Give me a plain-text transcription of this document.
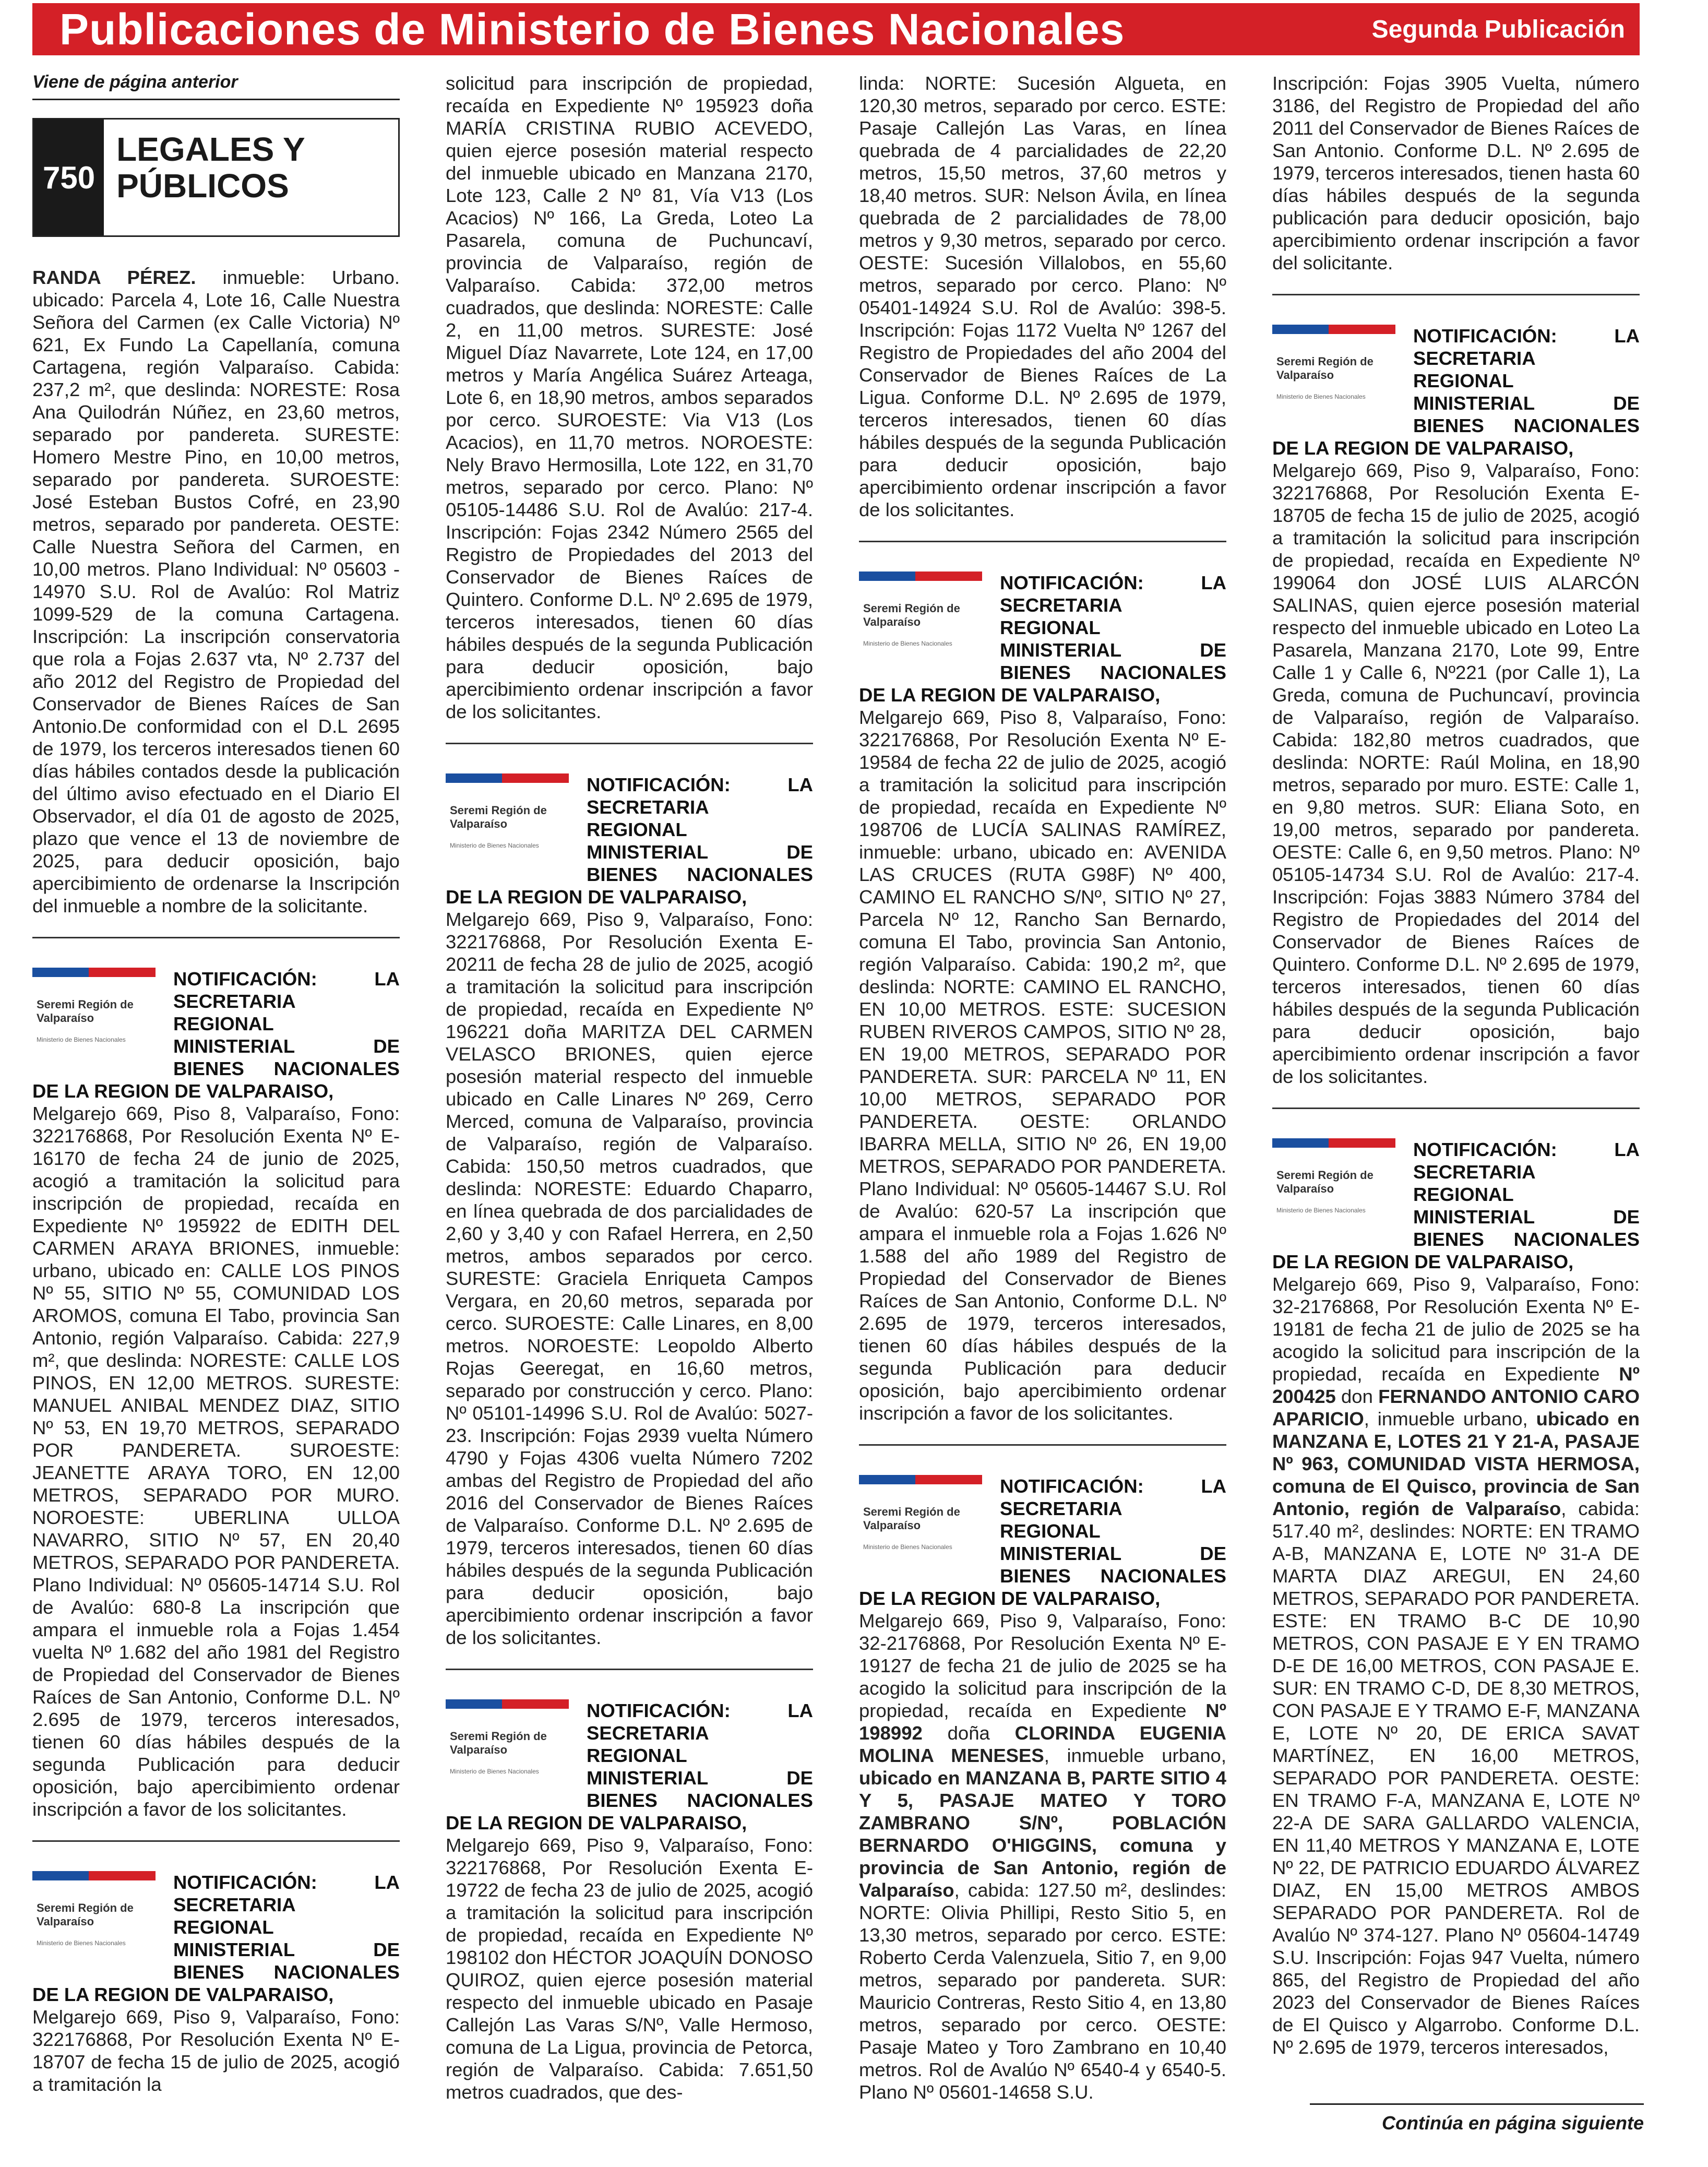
Publicaciones de Ministerio de Bienes Nacionales	Segunda Publicación
Viene de página anterior
750
LEGALES Y PÚBLICOS

RANDA PÉREZ. inmueble: Urbano. ubicado: Parcela 4, Lote 16, Calle Nuestra Señora del Carmen (ex Calle Victoria) Nº 621, Ex Fundo La Capellanía, comuna Cartagena, región Valparaíso. Cabida: 237,2 m², que deslinda: NORESTE: Rosa Ana Quilodrán Núñez, en 23,60 metros, separado por pandereta. SURESTE: Homero Mestre Pino, en 10,00 metros, separado por pandereta. SUROESTE: José Esteban Bustos Cofré, en 23,90 metros, separado por pandereta. OESTE: Calle Nuestra Señora del Carmen, en 10,00 metros. Plano Individual: Nº 05603 - 14970 S.U. Rol de Avalúo: Rol Matriz 1099-529 de la comuna Cartagena. Inscripción: La inscripción conservatoria que rola a Fojas 2.637 vta, Nº 2.737 del año 2012 del Registro de Propiedad del Conservador de Bienes Raíces de San Antonio.De conformidad con el D.L 2695 de 1979, los terceros interesados tienen 60 días hábiles contados desde la publicación del último aviso efectuado en el Diario El Observador, el día 01 de agosto de 2025, plazo que vence el 13 de noviembre de 2025, para deducir oposición, bajo apercibimiento de ordenarse la Inscripción del inmueble a nombre de la solicitante.

Seremi Región de Valparaíso
Ministerio de Bienes Nacionales
NOTIFICACIÓN: LA SECRETARIA REGIONAL MINISTERIAL DE BIENES NACIONALES DE LA REGION DE VALPARAISO,

Melgarejo 669, Piso 8, Valparaíso, Fono: 322176868, Por Resolución Exenta Nº E-16170 de fecha 24 de junio de 2025, acogió a tramitación la solicitud para inscripción de propiedad, recaída en Expediente Nº 195922 de EDITH DEL CARMEN ARAYA BRIONES, inmueble: urbano, ubicado en: CALLE LOS PINOS Nº 55, SITIO Nº 55, COMUNIDAD LOS AROMOS, comuna El Tabo, provincia San Antonio, región Valparaíso. Cabida: 227,9 m², que deslinda: NORESTE: CALLE LOS PINOS, EN 12,00 METROS. SURESTE: MANUEL ANIBAL MENDEZ DIAZ, SITIO Nº 53, EN 19,70 METROS, SEPARADO POR PANDERETA. SUROESTE: JEANETTE ARAYA TORO, EN 12,00 METROS, SEPARADO POR MURO. NOROESTE: UBERLINA ULLOA NAVARRO, SITIO Nº 57, EN 20,40 METROS, SEPARADO POR PANDERETA. Plano Individual: Nº 05605-14714 S.U. Rol de Avalúo: 680-8 La inscripción que ampara el inmueble rola a Fojas 1.454 vuelta Nº 1.682 del año 1981 del Registro de Propiedad del Conservador de Bienes Raíces de San Antonio, Conforme D.L. Nº 2.695 de 1979, terceros interesados, tienen 60 días hábiles después de la segunda Publicación para deducir oposición, bajo apercibimiento ordenar inscripción a favor de los solicitantes.

Seremi Región de Valparaíso
Ministerio de Bienes Nacionales
NOTIFICACIÓN: LA SECRETARIA REGIONAL MINISTERIAL DE BIENES NACIONALES DE LA REGION DE VALPARAISO,

Melgarejo 669, Piso 9, Valparaíso, Fono: 322176868, Por Resolución Exenta Nº E-18707 de fecha 15 de julio de 2025, acogió a tramitación la

solicitud para inscripción de propiedad, recaída en Expediente Nº 195923 doña MARÍA CRISTINA RUBIO ACEVEDO, quien ejerce posesión material respecto del inmueble ubicado en Manzana 2170, Lote 123, Calle 2 Nº 81, Vía V13 (Los Acacios) Nº 166, La Greda, Loteo La Pasarela, comuna de Puchuncaví, provincia de Valparaíso, región de Valparaíso. Cabida: 372,00 metros cuadrados, que deslinda: NORESTE: Calle 2, en 11,00 metros. SURESTE: José Miguel Díaz Navarrete, Lote 124, en 17,00 metros y María Angélica Suárez Arteaga, Lote 6, en 18,90 metros, ambos separados por cerco. SUROESTE: Via V13 (Los Acacios), en 11,70 metros. NOROESTE: Nely Bravo Hermosilla, Lote 122, en 31,70 metros, separado por cerco. Plano: Nº 05105-14486 S.U. Rol de Avalúo: 217-4. Inscripción: Fojas 2342 Número 2565 del Registro de Propiedades del 2013 del Conservador de Bienes Raíces de Quintero. Conforme D.L. Nº 2.695 de 1979, terceros interesados, tienen 60 días hábiles después de la segunda Publicación para deducir oposición, bajo apercibimiento ordenar inscripción a favor de los solicitantes.

Seremi Región de Valparaíso
Ministerio de Bienes Nacionales
NOTIFICACIÓN: LA SECRETARIA REGIONAL MINISTERIAL DE BIENES NACIONALES DE LA REGION DE VALPARAISO,

Melgarejo 669, Piso 9, Valparaíso, Fono: 322176868, Por Resolución Exenta E-20211 de fecha 28 de julio de 2025, acogió a tramitación la solicitud para inscripción de propiedad, recaída en Expediente Nº 196221 doña MARITZA DEL CARMEN VELASCO BRIONES, quien ejerce posesión material respecto del inmueble ubicado en Calle Linares Nº 269, Cerro Merced, comuna de Valparaíso, provincia de Valparaíso, región de Valparaíso. Cabida: 150,50 metros cuadrados, que deslinda: NORESTE: Eduardo Chaparro, en línea quebrada de dos parcialidades de 2,60 y 3,40 y con Rafael Herrera, en 2,50 metros, ambos separados por cerco. SURESTE: Graciela Enriqueta Campos Vergara, en 20,60 metros, separada por cerco. SUROESTE: Calle Linares, en 8,00 metros. NOROESTE: Leopoldo Alberto Rojas Geeregat, en 16,60 metros, separado por construcción y cerco. Plano: Nº 05101-14996 S.U. Rol de Avalúo: 5027-23. Inscripción: Fojas 2939 vuelta Número 4790 y Fojas 4306 vuelta Número 7202 ambas del Registro de Propiedad del año 2016 del Conservador de Bienes Raíces de Valparaíso. Conforme D.L. Nº 2.695 de 1979, terceros interesados, tienen 60 días hábiles después de la segunda Publicación para deducir oposición, bajo apercibimiento ordenar inscripción a favor de los solicitantes.

Seremi Región de Valparaíso
Ministerio de Bienes Nacionales
NOTIFICACIÓN: LA SECRETARIA REGIONAL MINISTERIAL DE BIENES NACIONALES DE LA REGION DE VALPARAISO,

Melgarejo 669, Piso 9, Valparaíso, Fono: 322176868, Por Resolución Exenta E-19722 de fecha 23 de julio de 2025, acogió a tramitación la solicitud para inscripción de propiedad, recaída en Expediente Nº 198102 don HÉCTOR JOAQUÍN DONOSO QUIROZ, quien ejerce posesión material respecto del inmueble ubicado en Pasaje Callejón Las Varas S/Nº, Valle Hermoso, comuna de La Ligua, provincia de Petorca, región de Valparaíso. Cabida: 7.651,50 metros cuadrados, que des-

linda: NORTE: Sucesión Algueta, en 120,30 metros, separado por cerco. ESTE: Pasaje Callejón Las Varas, en línea quebrada de 4 parcialidades de 22,20 metros, 15,50 metros, 37,60 metros y 18,40 metros. SUR: Nelson Ávila, en línea quebrada de 2 parcialidades de 78,00 metros y 9,30 metros, separado por cerco. OESTE: Sucesión Villalobos, en 55,60 metros, separado por cerco. Plano: Nº 05401-14924 S.U. Rol de Avalúo: 398-5. Inscripción: Fojas 1172 Vuelta Nº 1267 del Registro de Propiedades del año 2004 del Conservador de Bienes Raíces de La Ligua. Conforme D.L. Nº 2.695 de 1979, terceros interesados, tienen 60 días hábiles después de la segunda Publicación para deducir oposición, bajo apercibimiento ordenar inscripción a favor de los solicitantes.

Seremi Región de Valparaíso
Ministerio de Bienes Nacionales
NOTIFICACIÓN: LA SECRETARIA REGIONAL MINISTERIAL DE BIENES NACIONALES DE LA REGION DE VALPARAISO,

Melgarejo 669, Piso 8, Valparaíso, Fono: 322176868, Por Resolución Exenta Nº E-19584 de fecha 22 de julio de 2025, acogió a tramitación la solicitud para inscripción de propiedad, recaída en Expediente Nº 198706 de LUCÍA SALINAS RAMÍREZ, inmueble: urbano, ubicado en: AVENIDA LAS CRUCES (RUTA G98F) Nº 400, CAMINO EL RANCHO S/Nº, SITIO Nº 27, Parcela Nº 12, Rancho San Bernardo, comuna El Tabo, provincia San Antonio, región Valparaíso. Cabida: 190,2 m², que deslinda: NORTE: CAMINO EL RANCHO, EN 10,00 METROS. ESTE: SUCESION RUBEN RIVEROS CAMPOS, SITIO Nº 28, EN 19,00 METROS, SEPARADO POR PANDERETA. SUR: PARCELA Nº 11, EN 10,00 METROS, SEPARADO POR PANDERETA. OESTE: ORLANDO IBARRA MELLA, SITIO Nº 26, EN 19,00 METROS, SEPARADO POR PANDERETA. Plano Individual: Nº 05605-14467 S.U. Rol de Avalúo: 620-57 La inscripción que ampara el inmueble rola a Fojas 1.626 Nº 1.588 del año 1989 del Registro de Propiedad del Conservador de Bienes Raíces de San Antonio, Conforme D.L. Nº 2.695 de 1979, terceros interesados, tienen 60 días hábiles después de la segunda Publicación para deducir oposición, bajo apercibimiento ordenar inscripción a favor de los solicitantes.

Seremi Región de Valparaíso
Ministerio de Bienes Nacionales
NOTIFICACIÓN: LA SECRETARIA REGIONAL MINISTERIAL DE BIENES NACIONALES DE LA REGION DE VALPARAISO,

Melgarejo 669, Piso 9, Valparaíso, Fono: 32-2176868, Por Resolución Exenta Nº E-19127 de fecha 21 de julio de 2025 se ha acogido la solicitud para inscripción de la propiedad, recaída en Expediente Nº 198992 doña CLORINDA EUGENIA MOLINA MENESES, inmueble urbano, ubicado en MANZANA B, PARTE SITIO 4 Y 5, PASAJE MATEO Y TORO ZAMBRANO S/Nº, POBLACIÓN BERNARDO O'HIGGINS, comuna y provincia de San Antonio, región de Valparaíso, cabida: 127.50 m², deslindes: NORTE: Olivia Phillipi, Resto Sitio 5, en 13,30 metros, separado por cerco. ESTE: Roberto Cerda Valenzuela, Sitio 7, en 9,00 metros, separado por pandereta. SUR: Mauricio Contreras, Resto Sitio 4, en 13,80 metros, separado por cerco. OESTE: Pasaje Mateo y Toro Zambrano en 10,40 metros. Rol de Avalúo Nº 6540-4 y 6540-5. Plano Nº 05601-14658 S.U.

Inscripción: Fojas 3905 Vuelta, número 3186, del Registro de Propiedad del año 2011 del Conservador de Bienes Raíces de San Antonio. Conforme D.L. Nº 2.695 de 1979, terceros interesados, tienen hasta 60 días hábiles después de la segunda publicación para deducir oposición, bajo apercibimiento ordenar inscripción a favor del solicitante.

Seremi Región de Valparaíso
Ministerio de Bienes Nacionales
NOTIFICACIÓN: LA SECRETARIA REGIONAL MINISTERIAL DE BIENES NACIONALES DE LA REGION DE VALPARAISO,

Melgarejo 669, Piso 9, Valparaíso, Fono: 322176868, Por Resolución Exenta E-18705 de fecha 15 de julio de 2025, acogió a tramitación la solicitud para inscripción de propiedad, recaída en Expediente Nº 199064 don JOSÉ LUIS ALARCÓN SALINAS, quien ejerce posesión material respecto del inmueble ubicado en Loteo La Pasarela, Manzana 2170, Lote 99, Entre Calle 1 y Calle 6, Nº221 (por Calle 1), La Greda, comuna de Puchuncaví, provincia de Valparaíso, región de Valparaíso. Cabida: 182,80 metros cuadrados, que deslinda: NORTE: Raúl Molina, en 18,90 metros, separado por muro. ESTE: Calle 1, en 9,80 metros. SUR: Eliana Soto, en 19,00 metros, separado por pandereta. OESTE: Calle 6, en 9,50 metros. Plano: Nº 05105-14734 S.U. Rol de Avalúo: 217-4. Inscripción: Fojas 3883 Número 3784 del Registro de Propiedades del 2014 del Conservador de Bienes Raíces de Quintero. Conforme D.L. Nº 2.695 de 1979, terceros interesados, tienen 60 días hábiles después de la segunda Publicación para deducir oposición, bajo apercibimiento ordenar inscripción a favor de los solicitantes.

Seremi Región de Valparaíso
Ministerio de Bienes Nacionales
NOTIFICACIÓN: LA SECRETARIA REGIONAL MINISTERIAL DE BIENES NACIONALES DE LA REGION DE VALPARAISO,

Melgarejo 669, Piso 9, Valparaíso, Fono: 32-2176868, Por Resolución Exenta Nº E-19181 de fecha 21 de julio de 2025 se ha acogido la solicitud para inscripción de la propiedad, recaída en Expediente Nº 200425 don FERNANDO ANTONIO CARO APARICIO, inmueble urbano, ubicado en MANZANA E, LOTES 21 Y 21-A, PASAJE Nº 963, COMUNIDAD VISTA HERMOSA, comuna de El Quisco, provincia de San Antonio, región de Valparaíso, cabida: 517.40 m², deslindes: NORTE: EN TRAMO A-B, MANZANA E, LOTE Nº 31-A DE MARTA DIAZ AREGUI, EN 24,60 METROS, SEPARADO POR PANDERETA. ESTE: EN TRAMO B-C DE 10,90 METROS, CON PASAJE E Y EN TRAMO D-E DE 16,00 METROS, CON PASAJE E. SUR: EN TRAMO C-D, DE 8,30 METROS, CON PASAJE E Y TRAMO E-F, MANZANA E, LOTE Nº 20, DE ERICA SAVAT MARTÍNEZ, EN 16,00 METROS, SEPARADO POR PANDERETA. OESTE: EN TRAMO F-A, MANZANA E, LOTE Nº 22-A DE SARA GALLARDO VALENCIA, EN 11,40 METROS Y MANZANA E, LOTE Nº 22, DE PATRICIO EDUARDO ÁLVAREZ DIAZ, EN 15,00 METROS AMBOS SEPARADO POR PANDERETA. Rol de Avalúo Nº 374-127. Plano Nº 05604-14749 S.U. Inscripción: Fojas 947 Vuelta, número 865, del Registro de Propiedad del año 2023 del Conservador de Bienes Raíces de El Quisco y Algarrobo. Conforme D.L. Nº 2.695 de 1979, terceros interesados,

Continúa en página siguiente
